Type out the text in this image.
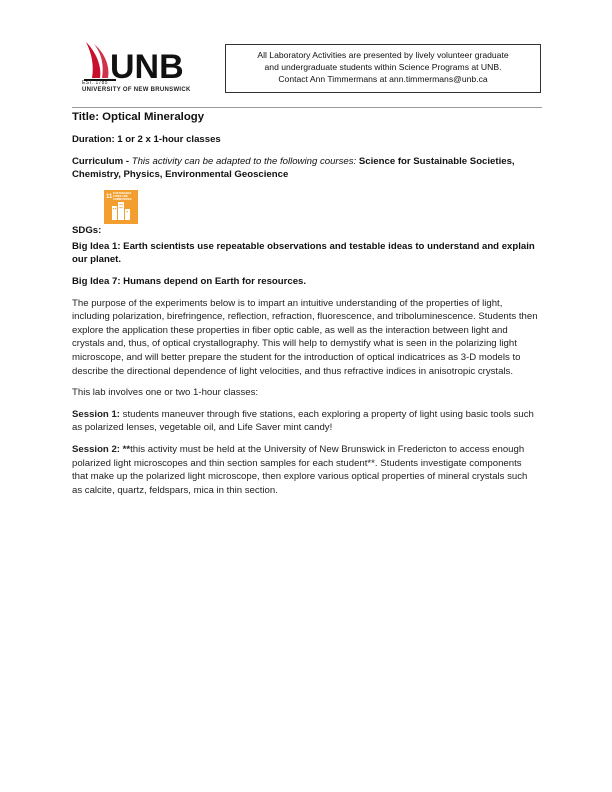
UNB
EST. 1785
UNIVERSITY OF NEW BRUNSWICK
All Laboratory Activities are presented by lively volunteer graduate
and undergraduate students within Science Programs at UNB.
Contact Ann Timmermans at ann.timmermans@unb.ca
Title: Optical Mineralogy
Duration: 1 or 2 x 1-hour classes
Curriculum - This activity can be adapted to the following courses: Science for Sustainable Societies, Chemistry, Physics, Environmental Geoscience
SDGs:
11
SUSTAINABLE CITIES AND COMMUNITIES
Big Idea 1: Earth scientists use repeatable observations and testable ideas to understand and explain our planet.
Big Idea 7: Humans depend on Earth for resources.
The purpose of the experiments below is to impart an intuitive understanding of the properties of light, including polarization, birefringence, reflection, refraction, fluorescence, and triboluminescence. Students then explore the application these properties in fiber optic cable, as well as the interaction between light and crystals and, thus, of optical crystallography. This will help to demystify what is seen in the polarizing light microscope, and will better prepare the student for the introduction of optical indicatrices as 3-D models to describe the directional dependence of light velocities, and thus refractive indices in anisotropic crystals.
This lab involves one or two 1-hour classes:
Session 1: students maneuver through five stations, each exploring a property of light using basic tools such as polarized lenses, vegetable oil, and Life Saver mint candy!
Session 2: **this activity must be held at the University of New Brunswick in Fredericton to access enough polarized light microscopes and thin section samples for each student**. Students investigate components that make up the polarized light microscope, then explore various optical properties of mineral crystals such as calcite, quartz, feldspars, mica in thin section.
